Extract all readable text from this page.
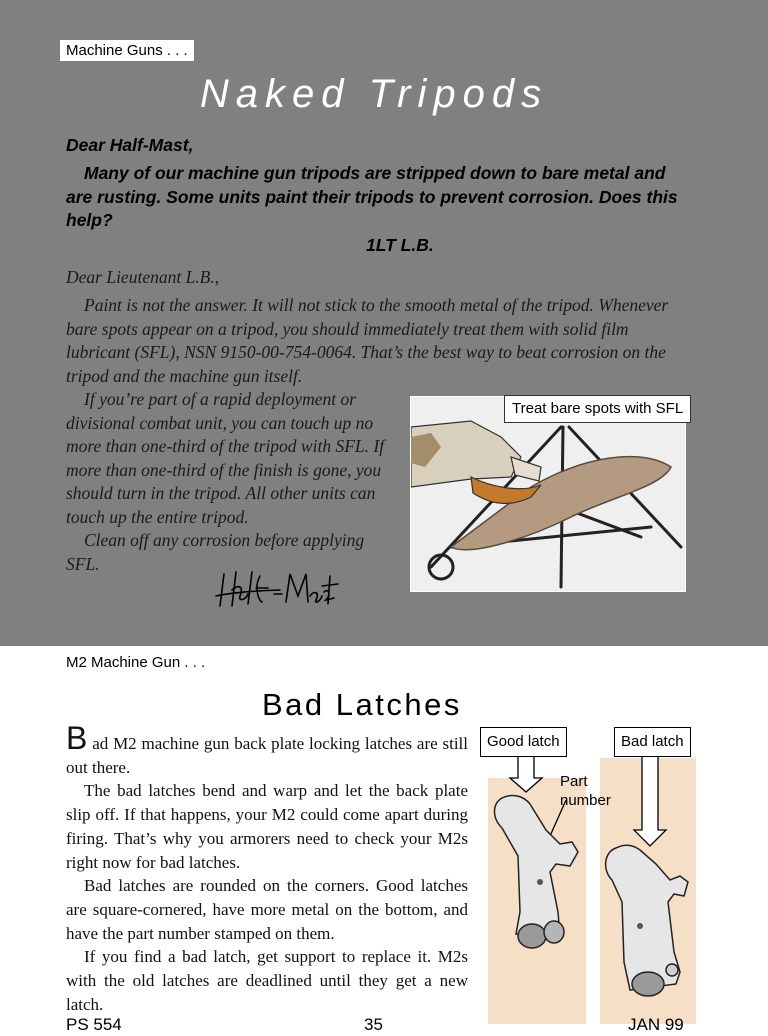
Machine Guns . . .
Naked Tripods
Dear Half-Mast,
Many of our machine gun tripods are stripped down to bare metal and are rusting. Some units paint their tripods to prevent corrosion. Does this help?
1LT L.B.
Dear Lieutenant L.B.,
Paint is not the answer. It will not stick to the smooth metal of the tripod. Whenever bare spots appear on a tripod, you should immediately treat them with solid film lubricant (SFL), NSN 9150-00-754-0064. That’s the best way to beat corrosion on the tripod and the machine gun itself.

If you’re part of a rapid deployment or divisional combat unit, you can touch up no more than one-third of the tripod with SFL. If more than one-third of the finish is gone, you should turn in the tripod. All other units can touch up the entire tripod.

Clean off any corrosion before applying SFL.

Treat bare spots with SFL
M2 Machine Gun . . .
Bad Latches

B ad M2 machine gun back plate locking latches are still out there.

The bad latches bend and warp and let the back plate slip off. If that happens, your M2 could come apart during firing. That’s why you armorers need to check your M2s right now for bad latches.

Bad latches are rounded on the corners. Good latches are square-cornered, have more metal on the bottom, and have the part number stamped on them.

If you find a bad latch, get support to replace it. M2s with the old latches are deadlined until they get a new latch.

Good latch	Bad latch
Part
number
PS 554	35	JAN 99
